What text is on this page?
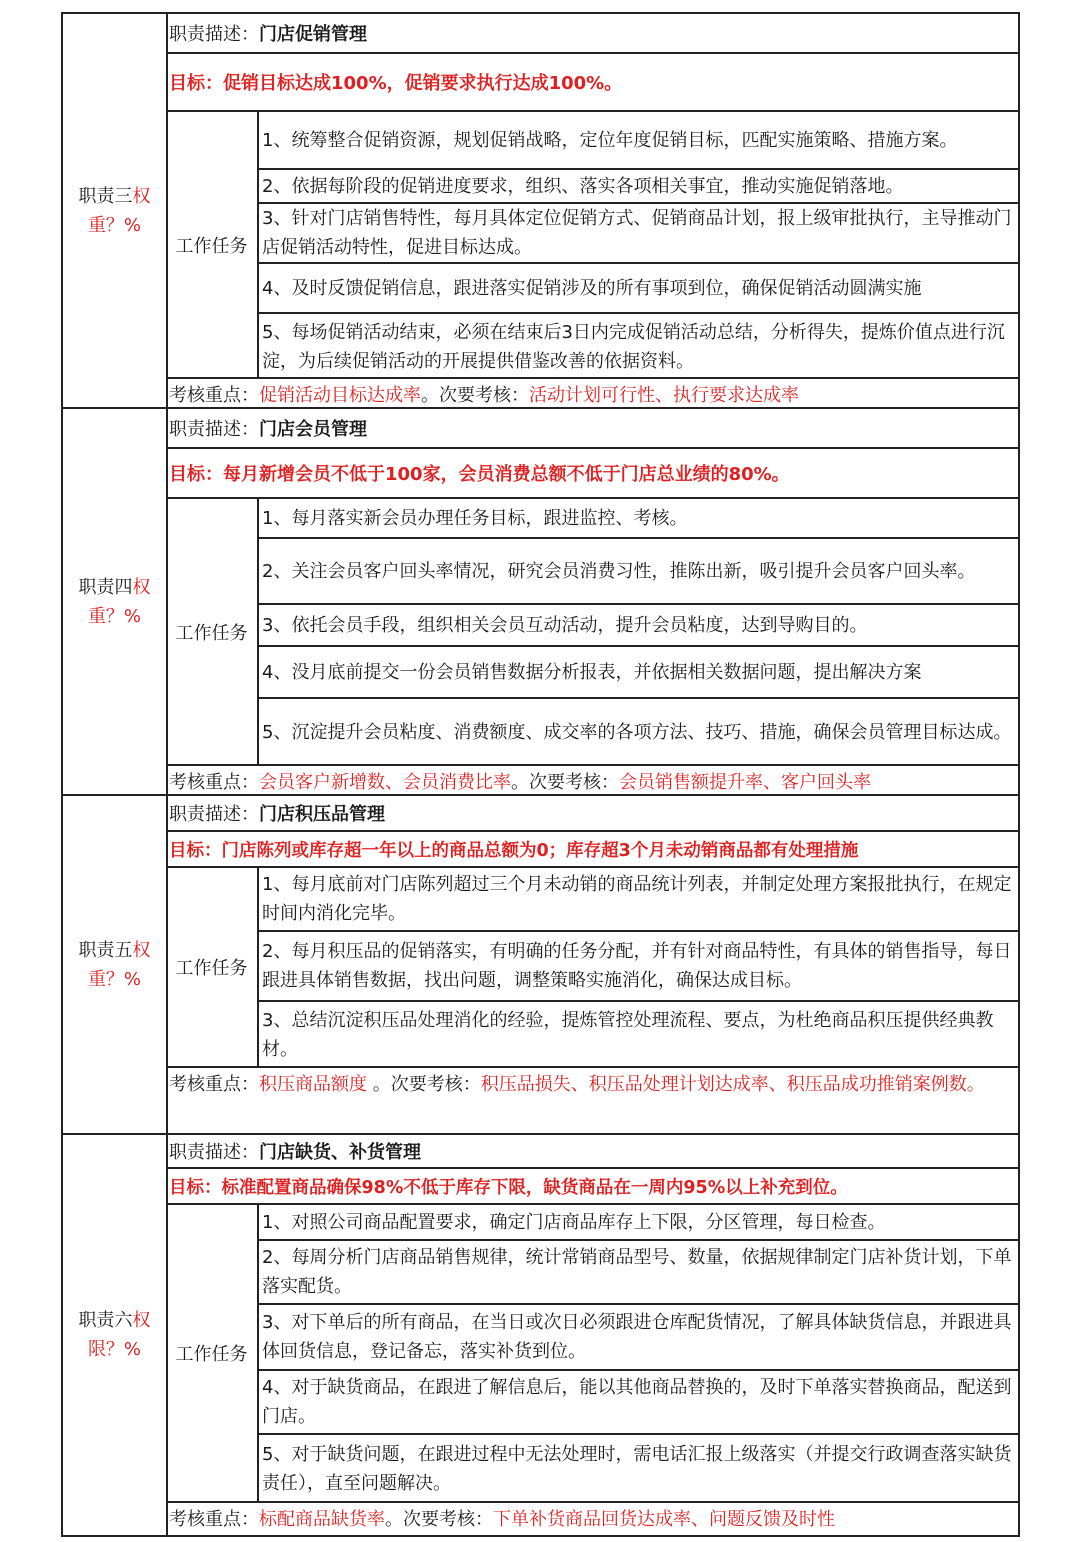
职责三权
重？%
职责描述： 门店促销管理
目标：促销目标达成100%，促销要求执行达成100%。
工作任务
1、统筹整合促销资源，规划促销战略，定位年度促销目标，匹配实施策略、措施方案。
2、依据每阶段的促销进度要求，组织、落实各项相关事宜，推动实施促销落地。
3、针对门店销售特性，每月具体定位促销方式、促销商品计划，报上级审批执行，主导推动门店促销活动特性，促进目标达成。
4、及时反馈促销信息，跟进落实促销涉及的所有事项到位，确保促销活动圆满实施
5、每场促销活动结束，必须在结束后3日内完成促销活动总结，分析得失，提炼价值点进行沉淀，为后续促销活动的开展提供借鉴改善的依据资料。
考核重点：促销活动目标达成率。次要考核：活动计划可行性、执行要求达成率
职责四权
重？%
职责描述： 门店会员管理
目标：每月新增会员不低于100家，会员消费总额不低于门店总业绩的80%。
工作任务
1、每月落实新会员办理任务目标，跟进监控、考核。
2、关注会员客户回头率情况，研究会员消费习性，推陈出新，吸引提升会员客户回头率。
3、依托会员手段，组织相关会员互动活动，提升会员粘度，达到导购目的。
4、没月底前提交一份会员销售数据分析报表，并依据相关数据问题，提出解决方案
5、沉淀提升会员粘度、消费额度、成交率的各项方法、技巧、措施，确保会员管理目标达成。
考核重点：会员客户新增数、会员消费比率。次要考核：会员销售额提升率、客户回头率
职责五权
重？%
职责描述： 门店积压品管理
目标：门店陈列或库存超一年以上的商品总额为0；库存超3个月未动销商品都有处理措施
工作任务
1、每月底前对门店陈列超过三个月未动销的商品统计列表，并制定处理方案报批执行，在规定时间内消化完毕。
2、每月积压品的促销落实，有明确的任务分配，并有针对商品特性，有具体的销售指导，每日跟进具体销售数据，找出问题，调整策略实施消化，确保达成目标。
3、总结沉淀积压品处理消化的经验，提炼管控处理流程、要点，为杜绝商品积压提供经典教材。
考核重点：积压商品额度 。次要考核：积压品损失、积压品处理计划达成率、积压品成功推销案例数。
职责六权
限？%
职责描述： 门店缺货、补货管理
目标：标准配置商品确保98%不低于库存下限，缺货商品在一周内95%以上补充到位。
工作任务
1、对照公司商品配置要求，确定门店商品库存上下限，分区管理，每日检查。
2、每周分析门店商品销售规律，统计常销商品型号、数量，依据规律制定门店补货计划，下单落实配货。
3、对下单后的所有商品，在当日或次日必须跟进仓库配货情况，了解具体缺货信息，并跟进具体回货信息，登记备忘，落实补货到位。
4、对于缺货商品，在跟进了解信息后，能以其他商品替换的，及时下单落实替换商品，配送到门店。
5、对于缺货问题，在跟进过程中无法处理时，需电话汇报上级落实（并提交行政调查落实缺货责任），直至问题解决。
考核重点：标配商品缺货率。次要考核：下单补货商品回货达成率、问题反馈及时性
